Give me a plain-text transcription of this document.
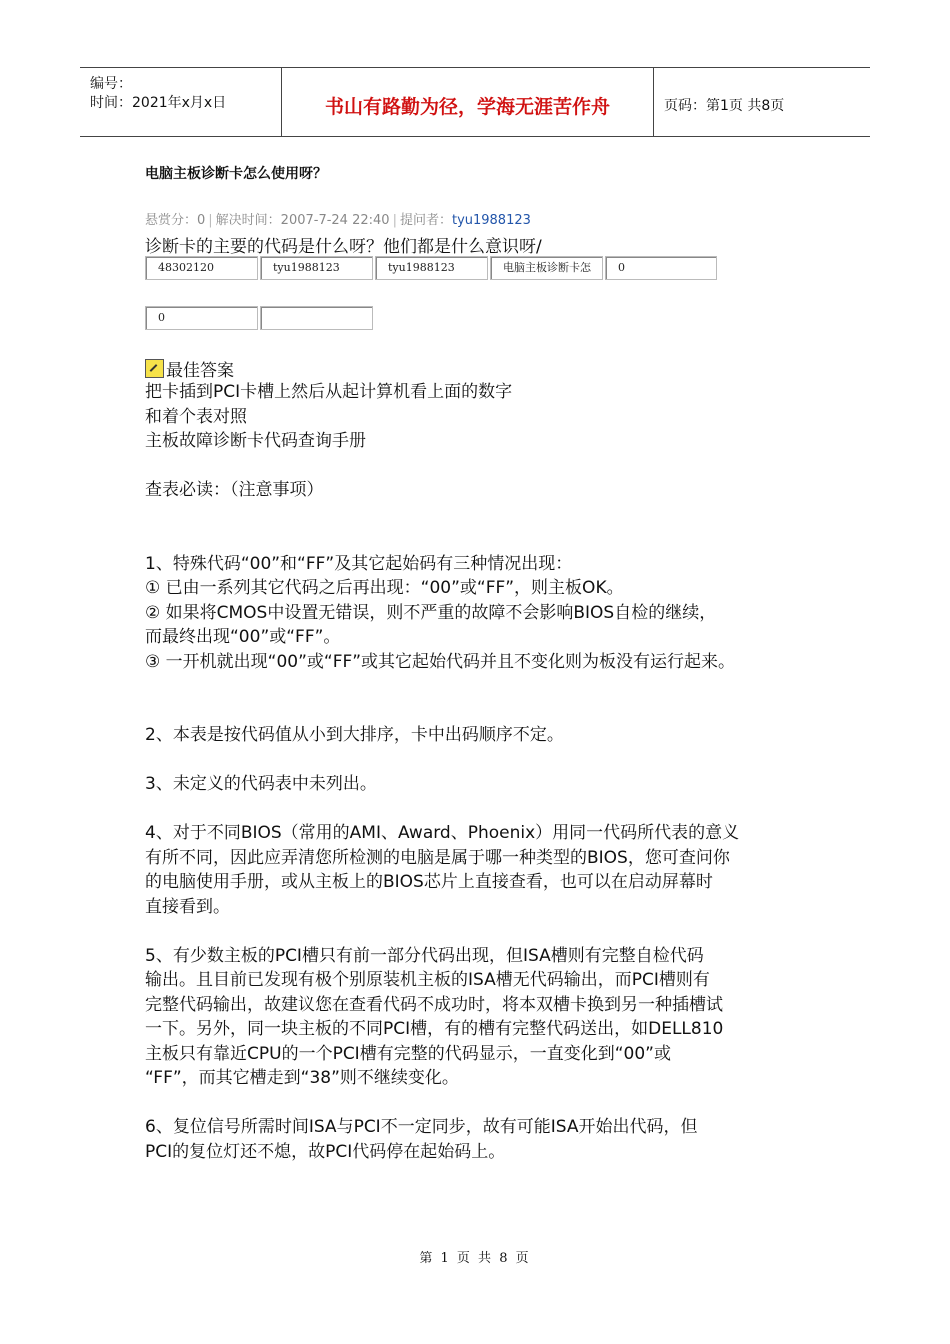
编号：
时间：2021年x月x日	书山有路勤为径，学海无涯苦作舟	页码：第1页 共8页
电脑主板诊断卡怎么使用呀？
悬赏分：0 | 解决时间：2007-7-24 22:40 | 提问者：tyu1988123
诊断卡的主要的代码是什么呀？他们都是什么意识呀/
48302120	tyu1988123	tyu1988123	电脑主板诊断卡怎	0
0
最佳答案

把卡插到PCI卡槽上然后从起计算机看上面的数字

和着个表对照

主板故障诊断卡代码查询手册

查表必读：（注意事项）

1、特殊代码“00”和“FF”及其它起始码有三种情况出现：

① 已由一系列其它代码之后再出现：“00”或“FF”，则主板OK。

② 如果将CMOS中设置无错误，则不严重的故障不会影响BIOS自检的继续，

而最终出现“00”或“FF”。

③ 一开机就出现“00”或“FF”或其它起始代码并且不变化则为板没有运行起来。

2、本表是按代码值从小到大排序，卡中出码顺序不定。

3、未定义的代码表中未列出。

4、对于不同BIOS（常用的AMI、Award、Phoenix）用同一代码所代表的意义

有所不同，因此应弄清您所检测的电脑是属于哪一种类型的BIOS，您可查问你

的电脑使用手册，或从主板上的BIOS芯片上直接查看，也可以在启动屏幕时

直接看到。

5、有少数主板的PCI槽只有前一部分代码出现，但ISA槽则有完整自检代码

输出。且目前已发现有极个别原装机主板的ISA槽无代码输出，而PCI槽则有

完整代码输出，故建议您在查看代码不成功时，将本双槽卡换到另一种插槽试

一下。另外，同一块主板的不同PCI槽，有的槽有完整代码送出，如DELL810

主板只有靠近CPU的一个PCI槽有完整的代码显示，一直变化到“00”或

“FF”，而其它槽走到“38”则不继续变化。

6、复位信号所需时间ISA与PCI不一定同步，故有可能ISA开始出代码，但

PCI的复位灯还不熄，故PCI代码停在起始码上。

第 1 页 共 8 页
